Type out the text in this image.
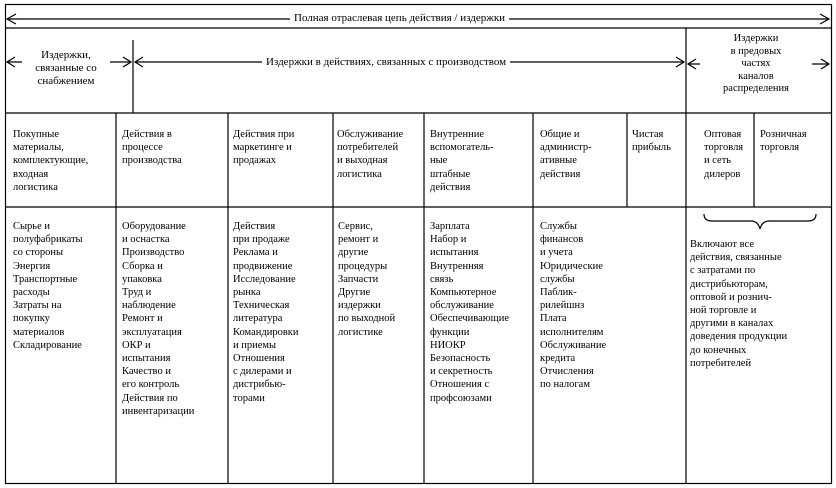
Полная отраслевая цепь действия / издержки
Издержки,
связанные со
снабжением
Издержки в действиях, связанных с производством
Издержки
в предовых
частях
каналов
распределения
Покупные
материалы,
комплектующие,
входная
логистика
Действия в
процессе
производства
Действия при
маркетинге и
продажах
Обслуживание
потребителей
и выходная
логистика
Внутренние
вспомогатель-
ные
штабные
действия
Общие и
администр-
ативные
действия
Чистая
прибыль
Оптовая
торговля
и сеть
дилеров
Розничная
торговля
Сырье и
полуфабрикаты
со стороны
Энергия
Транспортные
расходы
Затраты на
покупку
материалов
Складирование
Оборудование
и оснастка
Производство
Сборка и
упаковка
Труд и
наблюдение
Ремонт и
эксплуатация
ОКР и
испытания
Качество и
его контроль
Действия по
инвентаризации
Действия
при продаже
Реклама и
продвижение
Исследование
рынка
Техническая
литература
Командировки
и приемы
Отношения
с дилерами и
дистрибью-
торами
Сервис,
ремонт и
другие
процедуры
Запчасти
Другие
издержки
по выходной
логистике
Зарплата
Набор и
испытания
Внутренняя
связь
Компьютерное
обслуживание
Обеспечивающие
функции
НИОКР
Безопасность
и секретность
Отношения с
профсоюзами
Службы
финансов
и учета
Юридические
службы
Паблик-
рилейшнз
Плата
исполнителям
Обслуживание
кредита
Отчисления
по налогам
Включают все
действия, связанные
с затратами по
дистрибьюторам,
оптовой и рознич-
ной торговле и
другими в каналах
доведения продукции
до конечных
потребителей
